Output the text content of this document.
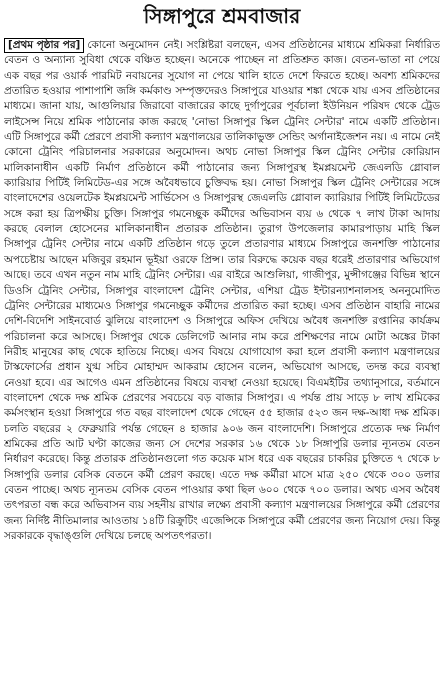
সিঙ্গাপুরে শ্রমবাজার

[প্রথম পৃষ্ঠার পর] কোনো অনুমোদন নেই। সংশ্লিষ্টরা বলছেন, এসব প্রতিষ্ঠানের মাধ্যমে শ্রমিকরা নির্ধারিত বেতন ও অন্যান্য সুবিধা থেকে বঞ্চিত হচ্ছেন। অনেকে পাচ্ছেন না প্রতিশ্রুত কাজ। বেতন-ভাতা না পেয়ে এক বছর পর ওয়ার্ক পারমিট নবায়নের সুযোগ না পেয়ে খালি হাতে দেশে ফিরতে হচ্ছে। অবশ্য শ্রমিকদের প্রতারিত হওয়ার পাশাপাশি জঙ্গি কর্মকাণ্ড সম্পৃক্তদেরও সিঙ্গাপুরে যাওয়ার শঙ্কা থেকে যায় এসব প্রতিষ্ঠানের মাধ্যমে। জানা যায়, আগুলিয়ার জিরাবো বাজারের কাছে দুর্গাপুরের পূর্বচালা ইউনিয়ন পরিষদ থেকে ট্রেড লাইসেন্স নিয়ে শ্রমিক পাঠানোর কাজ করছে 'নোভা সিঙ্গাপুর স্কিল ট্রেনিং সেন্টার' নামে একটি প্রতিষ্ঠান। এটি সিঙ্গাপুরে কর্মী প্রেরণে প্রবাসী কল্যাণ মন্ত্রণালয়ের তালিকাভুক্ত সেন্ডিং অর্গানাইজেশন নয়। এ নামে নেই কোনো ট্রেনিং পরিচালনার সরকারের অনুমোদন। অথচ নোভা সিঙ্গাপুর স্কিল ট্রেনিং সেন্টার কোরিয়ান মালিকানাধীন একটি নির্মাণ প্রতিষ্ঠানে কর্মী পাঠানোর জন্য সিঙ্গাপুরস্থ ইমপ্লয়মেন্ট জেএলডি গ্লোবাল ক্যারিয়ার পিটিই লিমিটেড-এর সঙ্গে অবৈধভাবে চুক্তিবদ্ধ হয়। নোভা সিঙ্গাপুর স্কিল ট্রেনিং সেন্টারের সঙ্গে বাংলাদেশের ওয়েলটেক ইমপ্লয়মেন্ট সার্ভিসেস ও সিঙ্গাপুরস্থ জেএলডি গ্লোবাল ক্যারিয়ার পিটিই লিমিটেডের সঙ্গে করা হয় ত্রিপক্ষীয় চুক্তি। সিঙ্গাপুর গমনেচ্ছুক কর্মীদের অভিবাসন ব্যয় ৬ থেকে ৭ লাখ টাকা আদায় করছে বেলাল হোসেনের মালিকানাধীন প্রতারক প্রতিষ্ঠান। তুরাগ উপজেলার কামারপাড়ায় মাহি স্কিল সিঙ্গাপুর ট্রেনিং সেন্টার নামে একটি প্রতিষ্ঠান গড়ে তুলে প্রতারণার মাধ্যমে সিঙ্গাপুরে জনশক্তি পাঠানোর অপচেষ্টায় আছেন মজিবুর রহমান ভূইয়া ওরফে প্রিন্স। তার বিরুদ্ধে কয়েক বছর ধরেই প্রতারণার অভিযোগ আছে। তবে এখন নতুন নাম মাহি ট্রেনিং সেন্টার। এর বাইরে আশুলিয়া, গাজীপুর, মুন্সীগঞ্জের বিভিন্ন স্থানে ডিওসি ট্রেনিং সেন্টার, সিঙ্গাপুর বাংলাদেশ ট্রেনিং সেন্টার, এশিয়া ট্রেড ইন্টারন্যাশনালসহ অননুমোদিত ট্রেনিং সেন্টারের মাধ্যমেও সিঙ্গাপুর গমনেচ্ছুক কর্মীদের প্রতারিত করা হচ্ছে। এসব প্রতিষ্ঠান বাহারি নামের দেশি-বিদেশি সাইনবোর্ড ঝুলিয়ে বাংলাদেশ ও সিঙ্গাপুরে অফিস দেখিয়ে অবৈধ জনশক্তি রপ্তানির কার্যক্রম পরিচালনা করে আসছে। সিঙ্গাপুর থেকে ডেলিগেট আনার নাম করে প্রশিক্ষণের নামে মোটা অঙ্কের টাকা নিরীহ মানুষের কাছ থেকে হাতিয়ে নিচ্ছে। এসব বিষয়ে যোগাযোগ করা হলে প্রবাসী কল্যাণ মন্ত্রণালয়ের টাস্কফোর্সের প্রধান যুগ্ম সচিব মোহাম্মদ আকরাম হোসেন বলেন, অভিযোগ আসছে, তদন্ত করে ব্যবস্থা নেওয়া হবে। এর আগেও এমন প্রতিষ্ঠানের বিষয়ে ব্যবস্থা নেওয়া হয়েছে। বিএমইটির তথ্যানুসারে, বর্তমানে বাংলাদেশ থেকে দক্ষ শ্রমিক প্রেরণের সবচেয়ে বড় বাজার সিঙ্গাপুর। এ পর্যন্ত প্রায় সাড়ে ৮ লাখ শ্রমিকের কর্মসংস্থান হওয়া সিঙ্গাপুরে গত বছর বাংলাদেশ থেকে গেছেন ৫৫ হাজার ৫২৩ জন দক্ষ-আধা দক্ষ শ্রমিক। চলতি বছরের ২ ফেব্রুয়ারি পর্যন্ত গেছেন ৪ হাজার ৯০৬ জন বাংলাদেশি। সিঙ্গাপুরে প্রত্যেক দক্ষ নির্মাণ শ্রমিকের প্রতি আট ঘণ্টা কাজের জন্য সে দেশের সরকার ১৬ থেকে ১৮ সিঙ্গাপুরি ডলার ন্যূনতম বেতন নির্ধারণ করেছে। কিন্তু প্রতারক প্রতিষ্ঠানগুলো গত কয়েক মাস ধরে এক বছরের চাকরির চুক্তিতে ৭ থেকে ৮ সিঙ্গাপুরি ডলার বেসিক বেতনে কর্মী প্রেরণ করছে। এতে দক্ষ কর্মীরা মাসে মাত্র ২৫০ থেকে ৩০০ ডলার বেতন পাচ্ছে। অথচ ন্যূনতম বেসিক বেতন পাওয়ার কথা ছিল ৬০০ থেকে ৭০০ ডলার। অথচ এসব অবৈধ তৎপরতা বন্ধ করে অভিবাসন ব্যয় সহনীয় রাখার লক্ষ্যে প্রবাসী কল্যাণ মন্ত্রণালয়ের সিঙ্গাপুরে কর্মী প্রেরণের জন্য নির্দিষ্ট নীতিমালার আওতায় ১৪টি রিক্রুটিং এজেন্সিকে সিঙ্গাপুরে কর্মী প্রেরণের জন্য নিয়োগ দেয়। কিন্তু সরকারকে বৃদ্ধাঙ্গুলি দেখিয়ে চলছে অপতৎপরতা।
